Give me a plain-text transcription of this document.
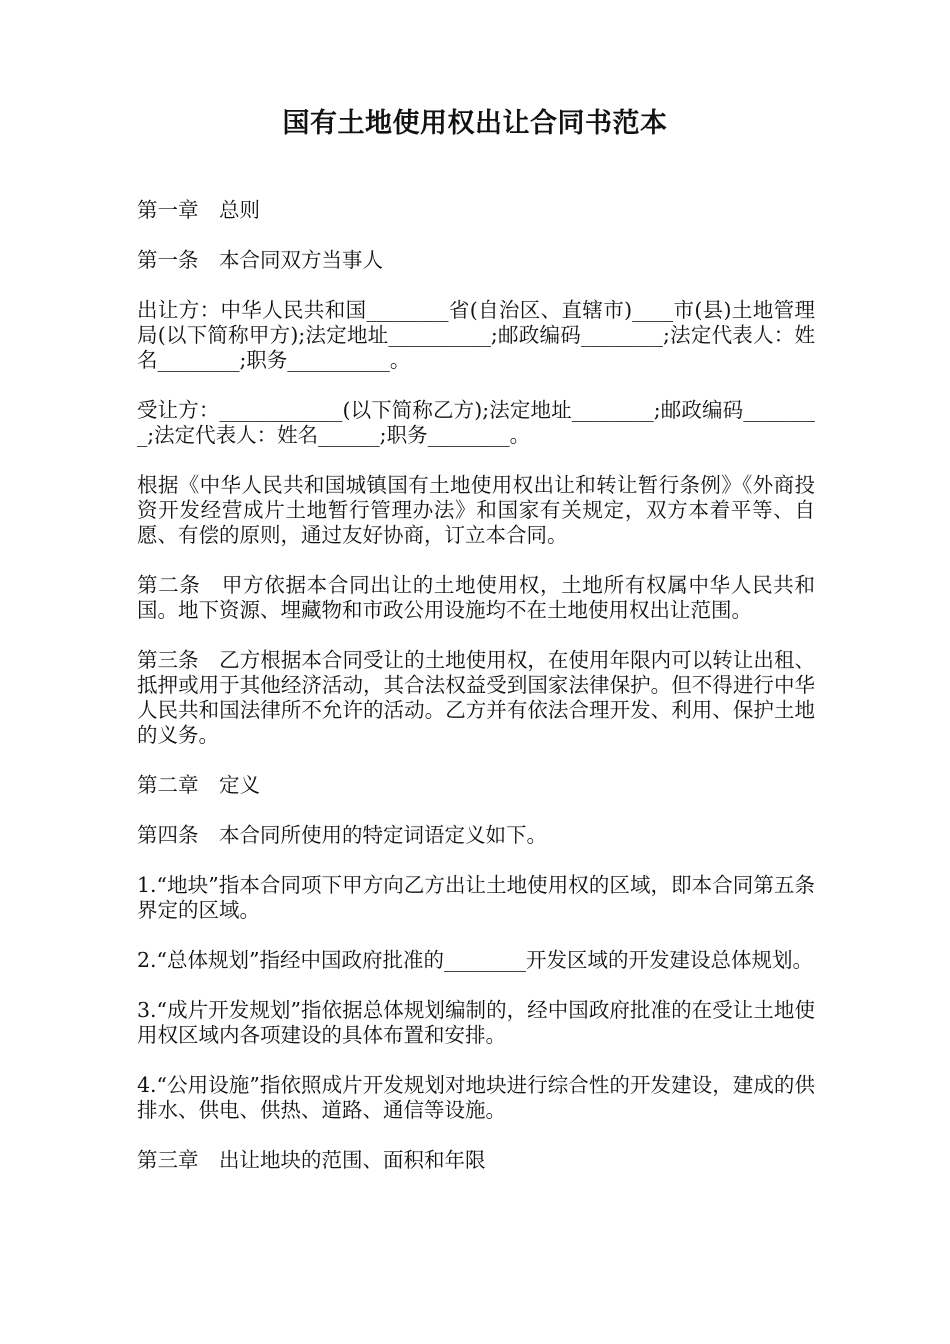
国有土地使用权出让合同书范本

第一章　总则

第一条　本合同双方当事人

出让方：中华人民共和国________省(自治区、直辖市)____市(县)土地管理局(以下简称甲方);法定地址__________;邮政编码________;法定代表人：姓名________;职务__________。

受让方：____________(以下简称乙方);法定地址________;邮政编码________;法定代表人：姓名______;职务________。

根据《中华人民共和国城镇国有土地使用权出让和转让暂行条例》《外商投资开发经营成片土地暂行管理办法》和国家有关规定，双方本着平等、自愿、有偿的原则，通过友好协商，订立本合同。

第二条　甲方依据本合同出让的土地使用权，土地所有权属中华人民共和国。地下资源、埋藏物和市政公用设施均不在土地使用权出让范围。

第三条　乙方根据本合同受让的土地使用权，在使用年限内可以转让出租、抵押或用于其他经济活动，其合法权益受到国家法律保护。但不得进行中华人民共和国法律所不允许的活动。乙方并有依法合理开发、利用、保护土地的义务。

第二章　定义

第四条　本合同所使用的特定词语定义如下。

1.“地块”指本合同项下甲方向乙方出让土地使用权的区域，即本合同第五条界定的区域。

2.“总体规划”指经中国政府批准的________开发区域的开发建设总体规划。

3.“成片开发规划”指依据总体规划编制的，经中国政府批准的在受让土地使用权区域内各项建设的具体布置和安排。

4.“公用设施”指依照成片开发规划对地块进行综合性的开发建设，建成的供排水、供电、供热、道路、通信等设施。

第三章　出让地块的范围、面积和年限
